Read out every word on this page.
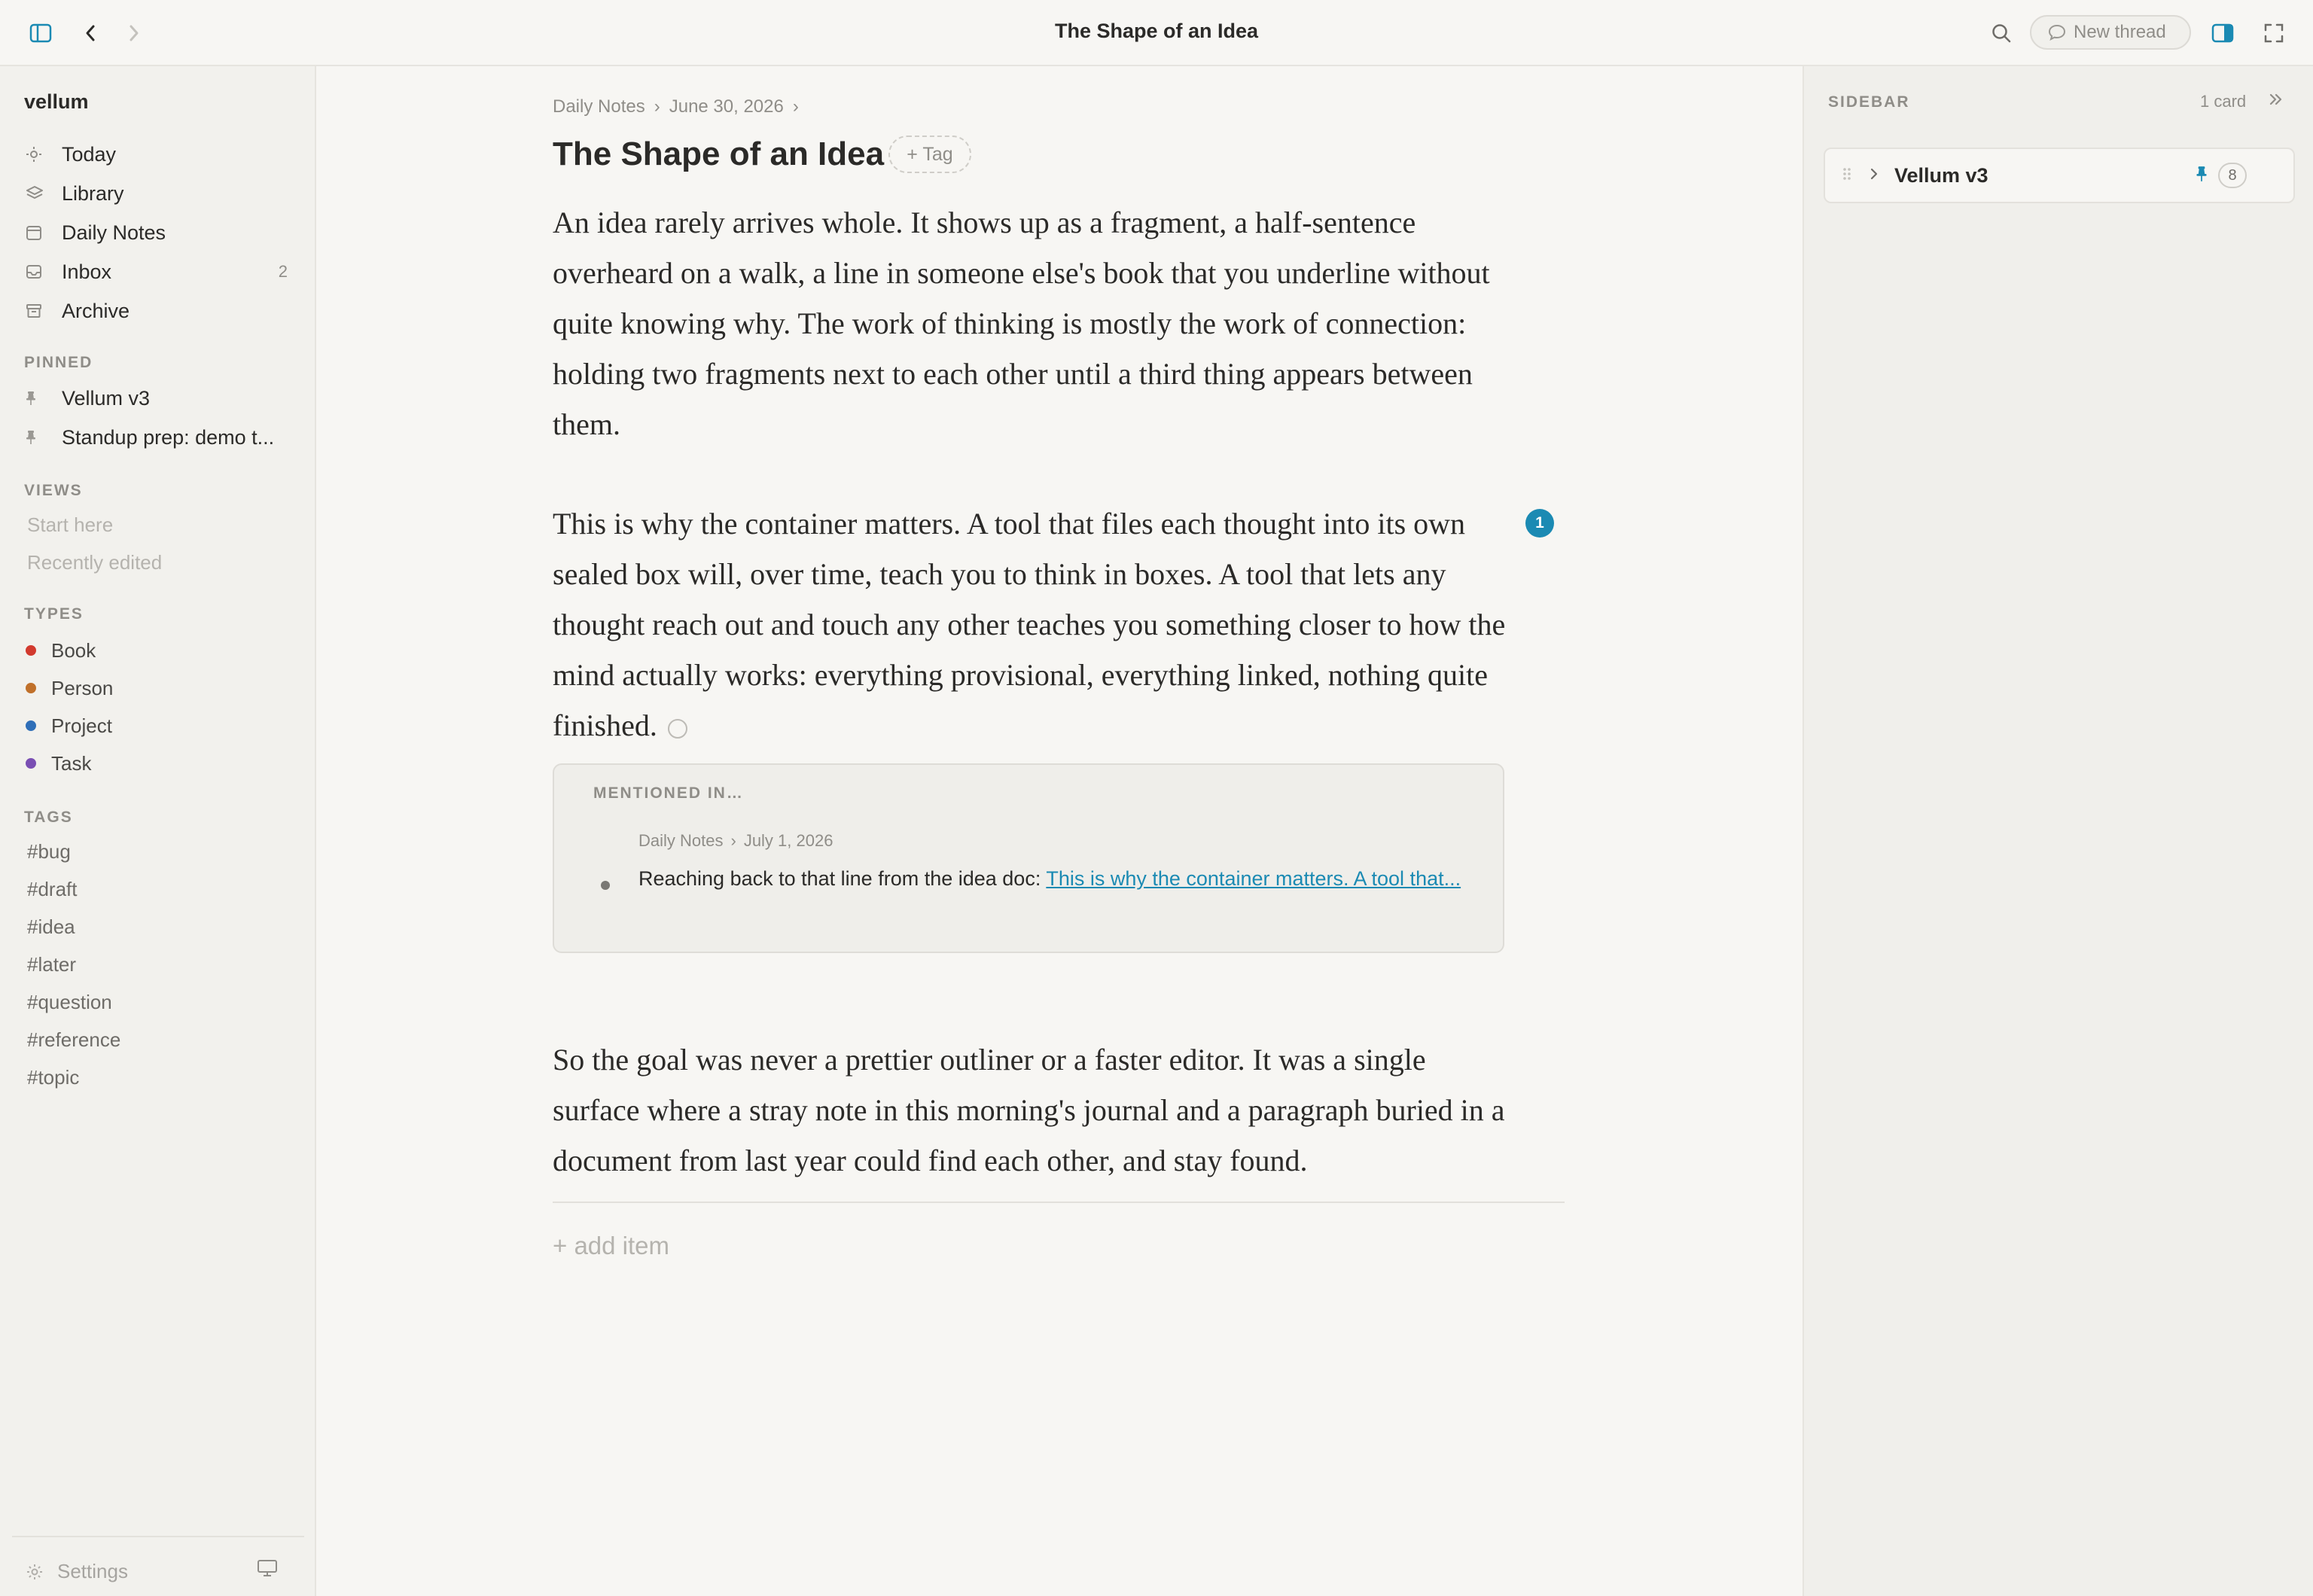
The Shape of an Idea	New thread
vellum
Today
Library
Daily Notes
Inbox	2
Archive
PINNED
Vellum v3
Standup prep: demo t...
VIEWS
Start here
Recently edited
TYPES
Book
Person
Project
Task
TAGS
#bug
#draft
#idea
#later
#question
#reference
#topic
Settings
Daily Notes › June 30, 2026 ›
The Shape of an Idea	+ Tag
An idea rarely arrives whole. It shows up as a fragment, a half-sentence overheard on a walk, a line in someone else's book that you underline without quite knowing why. The work of thinking is mostly the work of connection: holding two fragments next to each other until a third thing appears between them.
This is why the container matters. A tool that files each thought into its own sealed box will, over time, teach you to think in boxes. A tool that lets any thought reach out and touch any other teaches you something closer to how the mind actually works: everything provisional, everything linked, nothing quite finished.
1
MENTIONED IN…
Daily Notes › July 1, 2026
Reaching back to that line from the idea doc: This is why the container matters. A tool that...
So the goal was never a prettier outliner or a faster editor. It was a single surface where a stray note in this morning's journal and a paragraph buried in a document from last year could find each other, and stay found.
+ add item
SIDEBAR	1 card
Vellum v3	8
